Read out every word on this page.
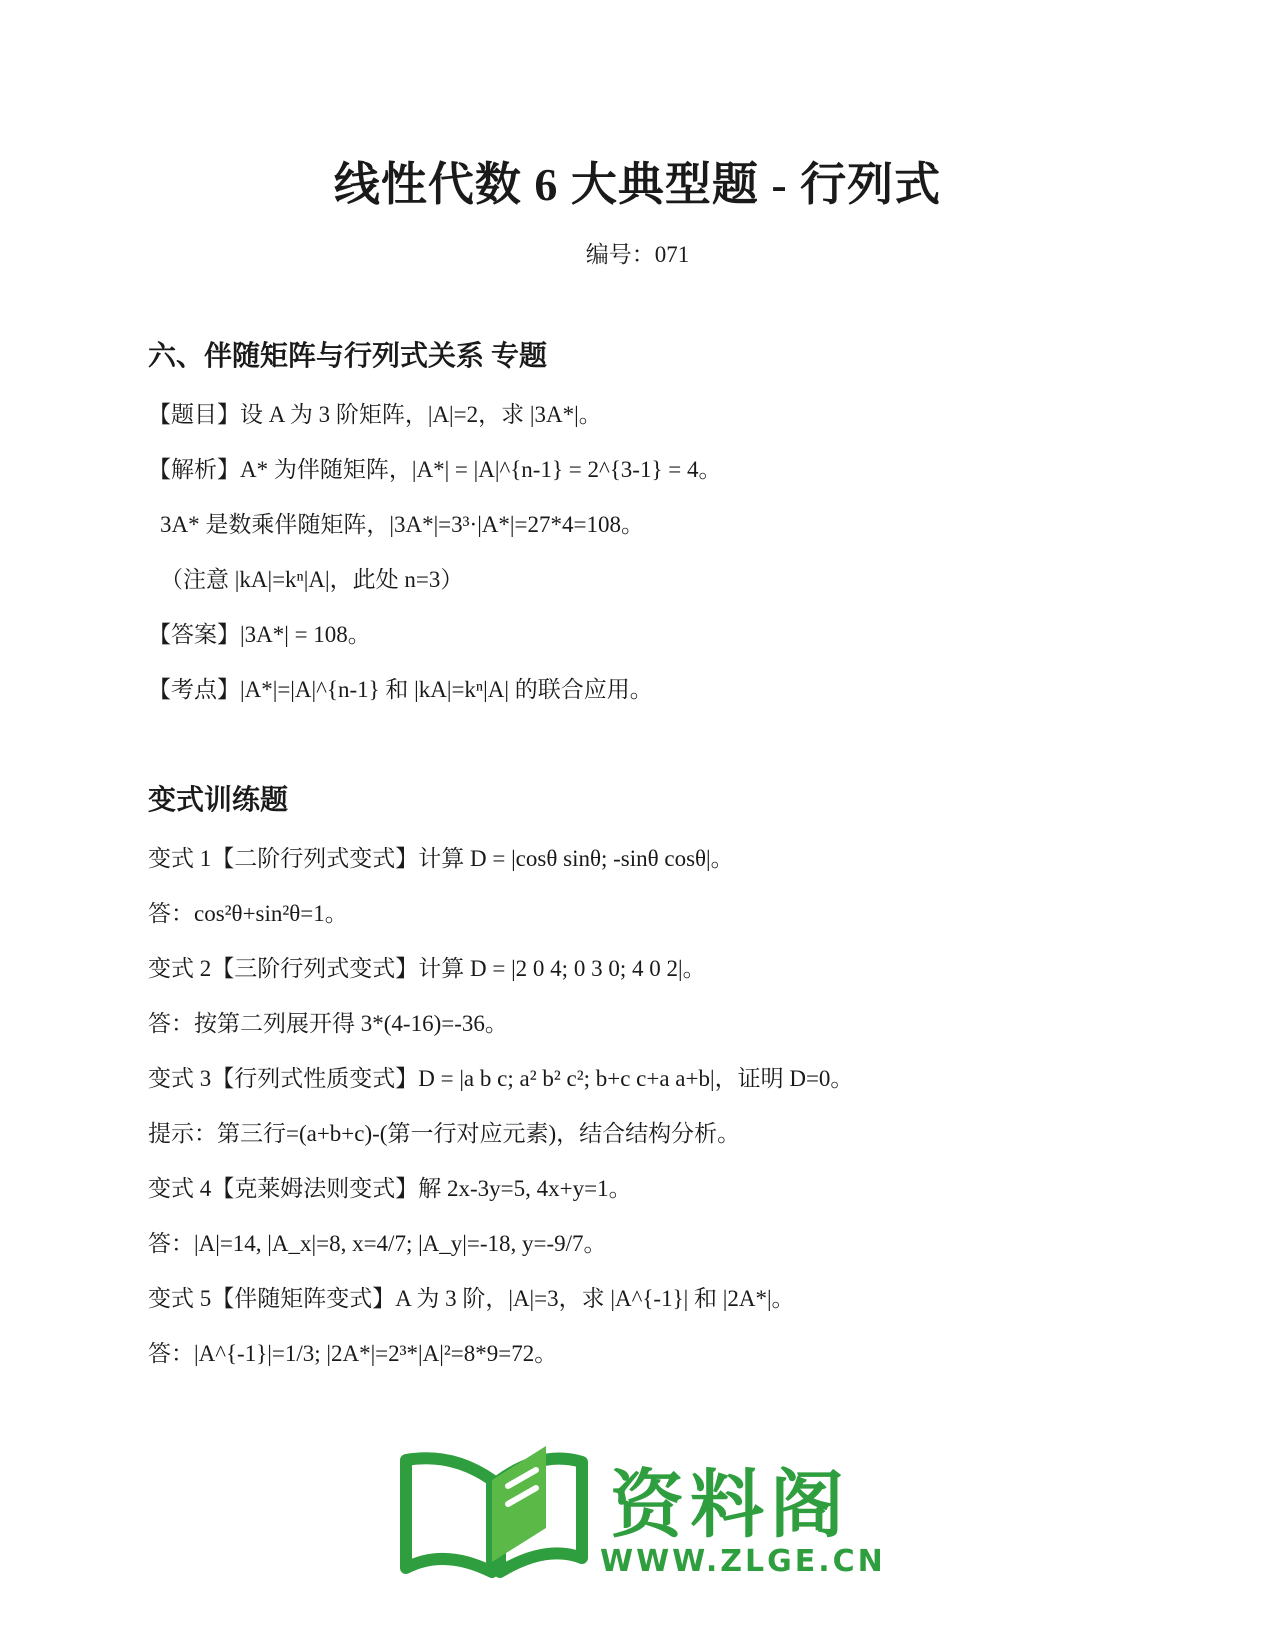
线性代数 6 大典型题 - 行列式
编号：071
六、伴随矩阵与行列式关系 专题
【题目】设 A 为 3 阶矩阵，|A|=2，求 |3A*|。
【解析】A* 为伴随矩阵，|A*| = |A|^{n-1} = 2^{3-1} = 4。
3A* 是数乘伴随矩阵，|3A*|=3³·|A*|=27*4=108。
（注意 |kA|=kⁿ|A|，此处 n=3）
【答案】|3A*| = 108。
【考点】|A*|=|A|^{n-1} 和 |kA|=kⁿ|A| 的联合应用。
变式训练题
变式 1【二阶行列式变式】计算 D = |cosθ sinθ; -sinθ cosθ|。
答：cos²θ+sin²θ=1。
变式 2【三阶行列式变式】计算 D = |2 0 4; 0 3 0; 4 0 2|。
答：按第二列展开得 3*(4-16)=-36。
变式 3【行列式性质变式】D = |a b c; a² b² c²; b+c c+a a+b|，证明 D=0。
提示：第三行=(a+b+c)-(第一行对应元素)，结合结构分析。
变式 4【克莱姆法则变式】解 2x-3y=5, 4x+y=1。
答：|A|=14, |A_x|=8, x=4/7; |A_y|=-18, y=-9/7。
变式 5【伴随矩阵变式】A 为 3 阶，|A|=3，求 |A^{-1}| 和 |2A*|。
答：|A^{-1}|=1/3; |2A*|=2³*|A|²=8*9=72。
资料阁
WWW.ZLGE.CN
